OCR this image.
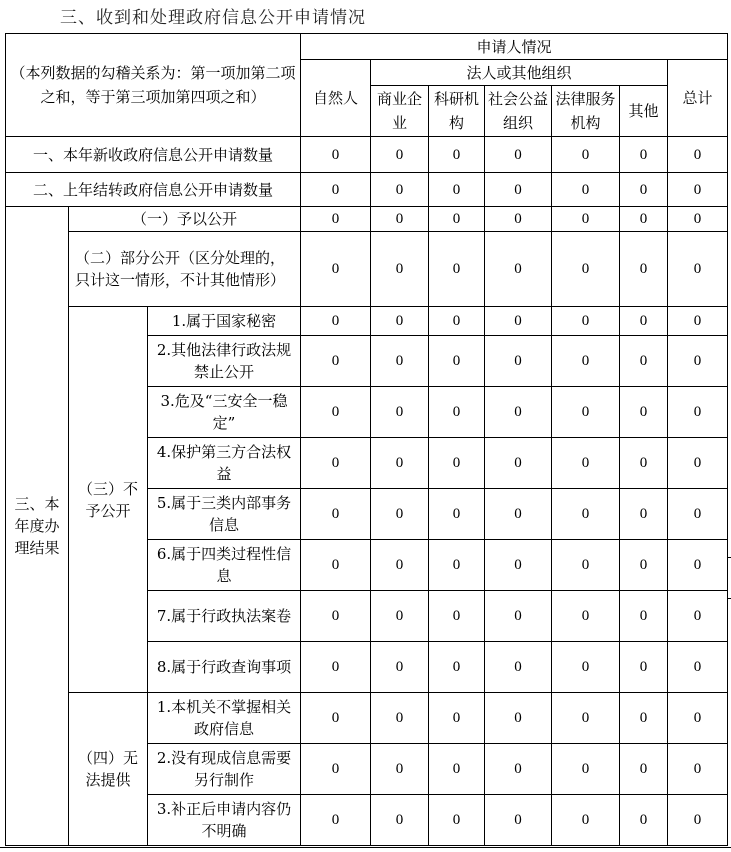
三、收到和处理政府信息公开申请情况
（本列数据的勾稽关系为：第一项加第二项之和，等于第三项加第四项之和）			申请人情况						
			自然人	法人或其他组织					总计
				商业企业	科研机构	社会公益组织	法律服务机构	其他	
一、本年新收政府信息公开申请数量			0	0	0	0	0	0	0
二、上年结转政府信息公开申请数量			0	0	0	0	0	0	0
三、本年度办理结果	（一）予以公开		0	0	0	0	0	0	0
	（二）部分公开（区分处理的，只计这一情形，不计其他情形）		0	0	0	0	0	0	0
	（三）不予公开	1.属于国家秘密	0	0	0	0	0	0	0
		2.其他法律行政法规禁止公开	0	0	0	0	0	0	0
		3.危及“三安全一稳定”	0	0	0	0	0	0	0
		4.保护第三方合法权益	0	0	0	0	0	0	0
		5.属于三类内部事务信息	0	0	0	0	0	0	0
		6.属于四类过程性信息	0	0	0	0	0	0	0
		7.属于行政执法案卷	0	0	0	0	0	0	0
		8.属于行政查询事项	0	0	0	0	0	0	0
	（四）无法提供	1.本机关不掌握相关政府信息	0	0	0	0	0	0	0
		2.没有现成信息需要另行制作	0	0	0	0	0	0	0
		3.补正后申请内容仍不明确	0	0	0	0	0	0	0
